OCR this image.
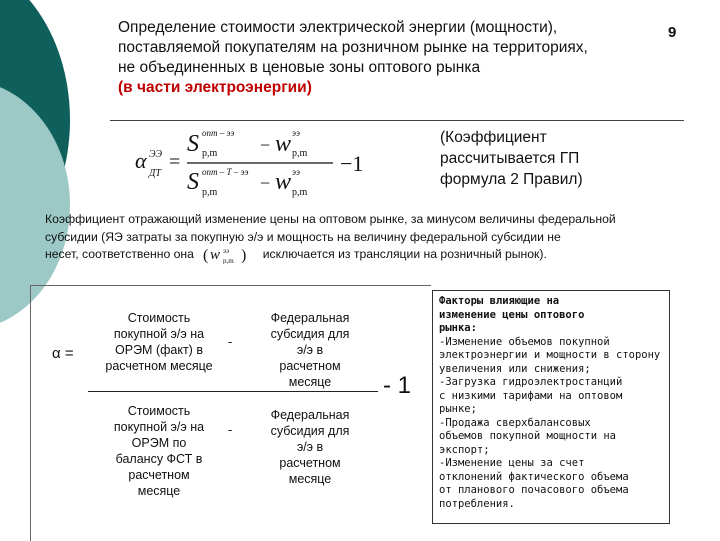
Определение стоимости электрической энергии (мощности),
поставляемой покупателям на розничном рынке на территориях,
не объединенных в ценовые зоны оптового рынка
(в части электроэнергии)
9
α ЭЭ
ДТ
=
S опт – ээ
p,m − w ээ
p,m
S опт – Т – ээ
p,m − w ээ
p,m
−1
(Коэффициент
рассчитывается ГП
формула 2 Правил)
Коэффициент отражающий изменение цены на оптовом рынке, за минусом величины федеральной
субсидии (ЯЭ затраты за покупную э/э и мощность на величину федеральной субсидии не
несет, соответственно она ( w ээ
p,m ) исключается из трансляции на розничный рынок).
α =
Стоимость
покупной э/э на
ОРЭМ (факт) в
расчетном месяце
-
Федеральная
субсидия для
э/э в
расчетном
месяце	- 1
Стоимость
покупной э/э на
ОРЭМ по
балансу ФСТ в
расчетном
месяце
-
Федеральная
субсидия для
э/э в
расчетном
месяце
Факторы влияющие на
изменение цены оптового
рынка:
-Изменение объемов покупной
электроэнергии и мощности в сторону
увеличения или снижения;
-Загрузка гидроэлектростанций
с низкими тарифами на оптовом
рынке;
-Продажа сверхбалансовых
объемов покупной мощности на
экспорт;
-Изменение цены за счет
отклонений фактического объема
от планового почасового объема
потребления.
